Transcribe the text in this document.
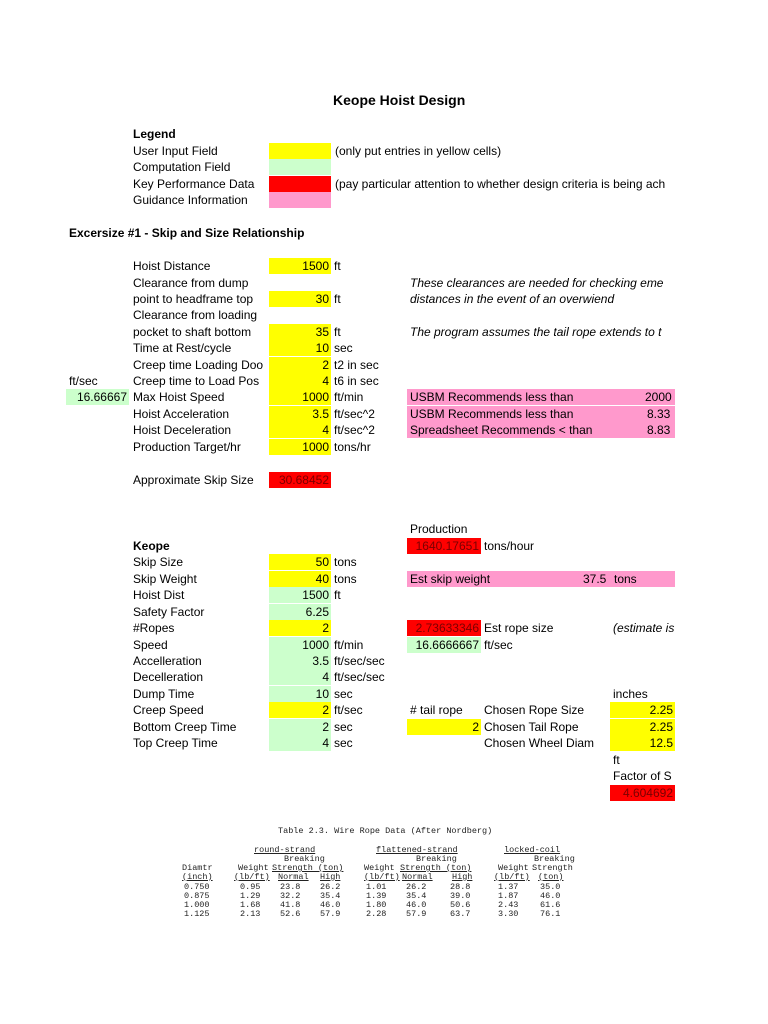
Keope Hoist Design
Legend
User Input Field	(only put entries in yellow cells)
Computation Field
Key Performance Data	(pay particular attention to whether design criteria is being ach
Guidance Information
Excersize #1 - Skip and Size Relationship
Hoist Distance	1500 ft
Clearance from dump	These clearances are needed for checking eme
point to headframe top	30 ft	distances in the event of an overwiend
Clearance from loading
pocket to shaft bottom	35 ft	The program assumes the tail rope extends to t
Time at Rest/cycle	10 sec
Creep time Loading Doo	2 t2 in sec
ft/sec	Creep time to Load Pos	4 t6 in sec
16.66667 Max Hoist Speed	1000 ft/min	USBM Recommends less than	2000
Hoist Acceleration	3.5 ft/sec^2	USBM Recommends less than	8.33
Hoist Deceleration	4 ft/sec^2	Spreadsheet Recommends < than	8.83
Production Target/hr	1000 tons/hr
Approximate Skip Size	30.68452
Production
Keope	1640.17651 tons/hour
Skip Size	50 tons
Skip Weight	40 tons	Est skip weight	37.5 tons
Hoist Dist	1500 ft
Safety Factor	6.25
#Ropes	2	2.73633346 Est rope size	(estimate is
Speed	1000 ft/min	16.6666667 ft/sec
Accelleration	3.5 ft/sec/sec
Decelleration	4 ft/sec/sec
Dump Time	10 sec	inches
Creep Speed	2 ft/sec	# tail rope Chosen Rope Size	2.25
Bottom Creep Time	2 sec	2 Chosen Tail Rope	2.25
Top Creep Time	4 sec	Chosen Wheel Diam	12.5
ft
Factor of S
4.604692
Table 2.3. Wire Rope Data (After Nordberg)
round-strand	flattened-strand	locked-coil
Breaking	Breaking	Breaking
Diamtr	Weight Strength (ton) Weight Strength (ton)	Weight Strength
(inch)	(lb/ft) Normal High	(lb/ft) Normal High	(lb/ft) (ton)
0.750	0.95 23.8 26.2	1.01 26.2	28.8	1.37	35.0
0.875	1.29 32.2 35.4	1.39 35.4	39.0	1.87	46.0
1.000	1.68 41.8 46.0	1.80 46.0	50.6	2.43	61.6
1.125	2.13 52.6 57.9	2.28 57.9	63.7	3.30	76.1
